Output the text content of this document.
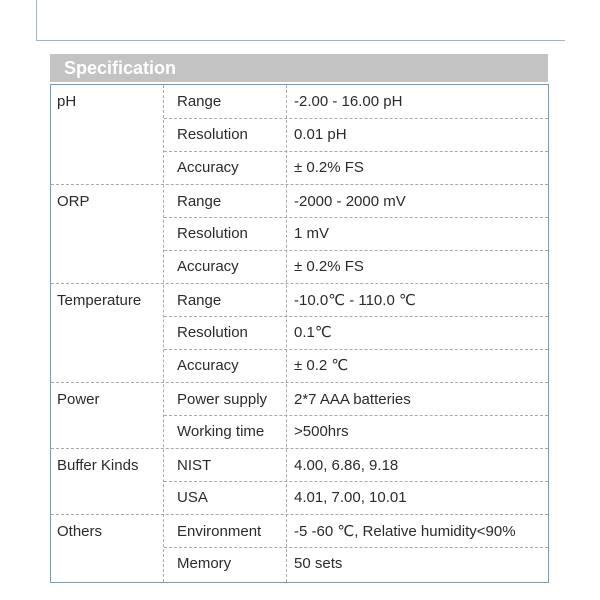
Specification
pH	Range	-2.00 - 16.00 pH
Resolution	0.01 pH
Accuracy	± 0.2% FS
ORP	Range	-2000 - 2000 mV
Resolution	1 mV
Accuracy	± 0.2% FS
Temperature	Range	-10.0℃ - 110.0 ℃
Resolution	0.1℃
Accuracy	± 0.2 ℃
Power	Power supply	2*7 AAA batteries
Working time	>500hrs
Buffer Kinds	NIST	4.00, 6.86, 9.18
USA	4.01, 7.00, 10.01
Others	Environment	-5 -60 ℃, Relative humidity<90%
Memory	50 sets
